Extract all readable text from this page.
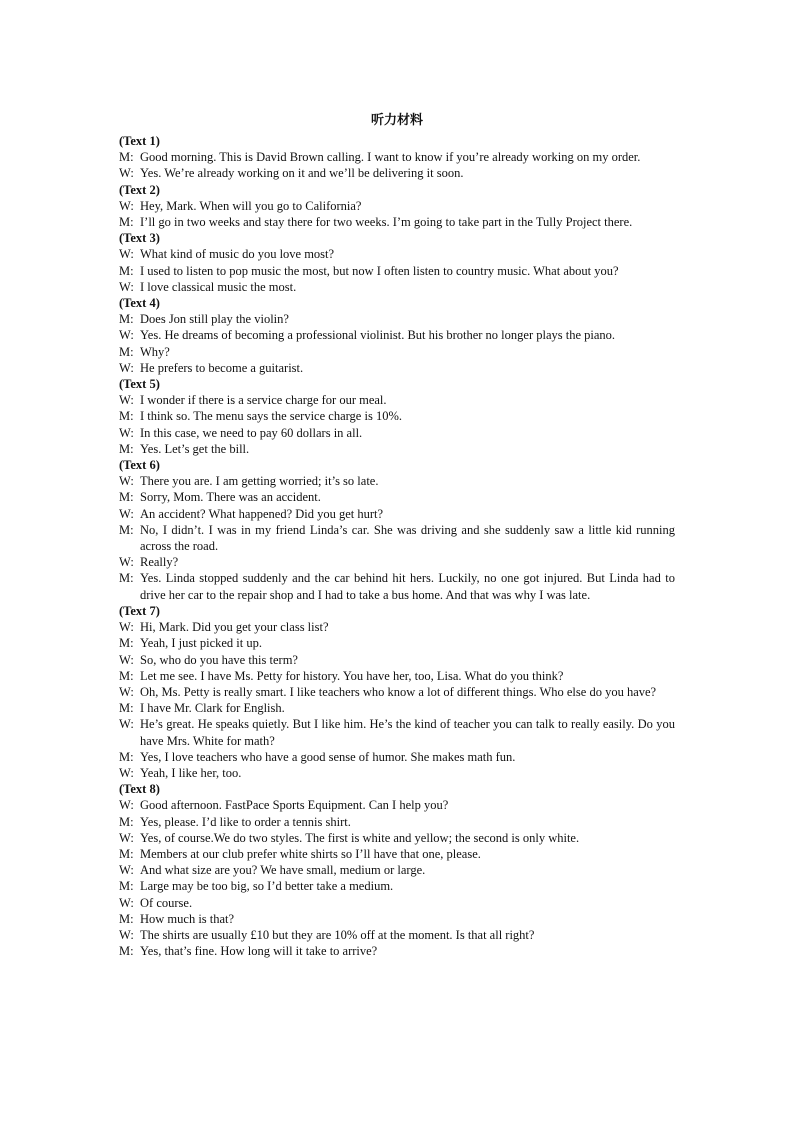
听力材料
(Text 1)
M: Good morning. This is David Brown calling. I want to know if you’re already working on my order.
W: Yes. We’re already working on it and we’ll be delivering it soon.
(Text 2)
W: Hey, Mark. When will you go to California?
M: I’ll go in two weeks and stay there for two weeks. I’m going to take part in the Tully Project there.
(Text 3)
W: What kind of music do you love most?
M: I used to listen to pop music the most, but now I often listen to country music. What about you?
W: I love classical music the most.
(Text 4)
M: Does Jon still play the violin?
W: Yes. He dreams of becoming a professional violinist. But his brother no longer plays the piano.
M: Why?
W: He prefers to become a guitarist.
(Text 5)
W: I wonder if there is a service charge for our meal.
M: I think so. The menu says the service charge is 10%.
W: In this case, we need to pay 60 dollars in all.
M: Yes. Let’s get the bill.
(Text 6)
W: There you are. I am getting worried; it’s so late.
M: Sorry, Mom. There was an accident.
W: An accident? What happened? Did you get hurt?
M: No, I didn’t. I was in my friend Linda’s car. She was driving and she suddenly saw a little kid running across the road.
W: Really?
M: Yes. Linda stopped suddenly and the car behind hit hers. Luckily, no one got injured. But Linda had to drive her car to the repair shop and I had to take a bus home. And that was why I was late.
(Text 7)
W: Hi, Mark. Did you get your class list?
M: Yeah, I just picked it up.
W: So, who do you have this term?
M: Let me see. I have Ms. Petty for history. You have her, too, Lisa. What do you think?
W: Oh, Ms. Petty is really smart. I like teachers who know a lot of different things. Who else do you have?
M: I have Mr. Clark for English.
W: He’s great. He speaks quietly. But I like him. He’s the kind of teacher you can talk to really easily. Do you have Mrs. White for math?
M: Yes, I love teachers who have a good sense of humor. She makes math fun.
W: Yeah, I like her, too.
(Text 8)
W: Good afternoon. FastPace Sports Equipment. Can I help you?
M: Yes, please. I’d like to order a tennis shirt.
W: Yes, of course.We do two styles. The first is white and yellow; the second is only white.
M: Members at our club prefer white shirts so I’ll have that one, please.
W: And what size are you? We have small, medium or large.
M: Large may be too big, so I’d better take a medium.
W: Of course.
M: How much is that?
W: The shirts are usually £10 but they are 10% off at the moment. Is that all right?
M: Yes, that’s fine. How long will it take to arrive?
